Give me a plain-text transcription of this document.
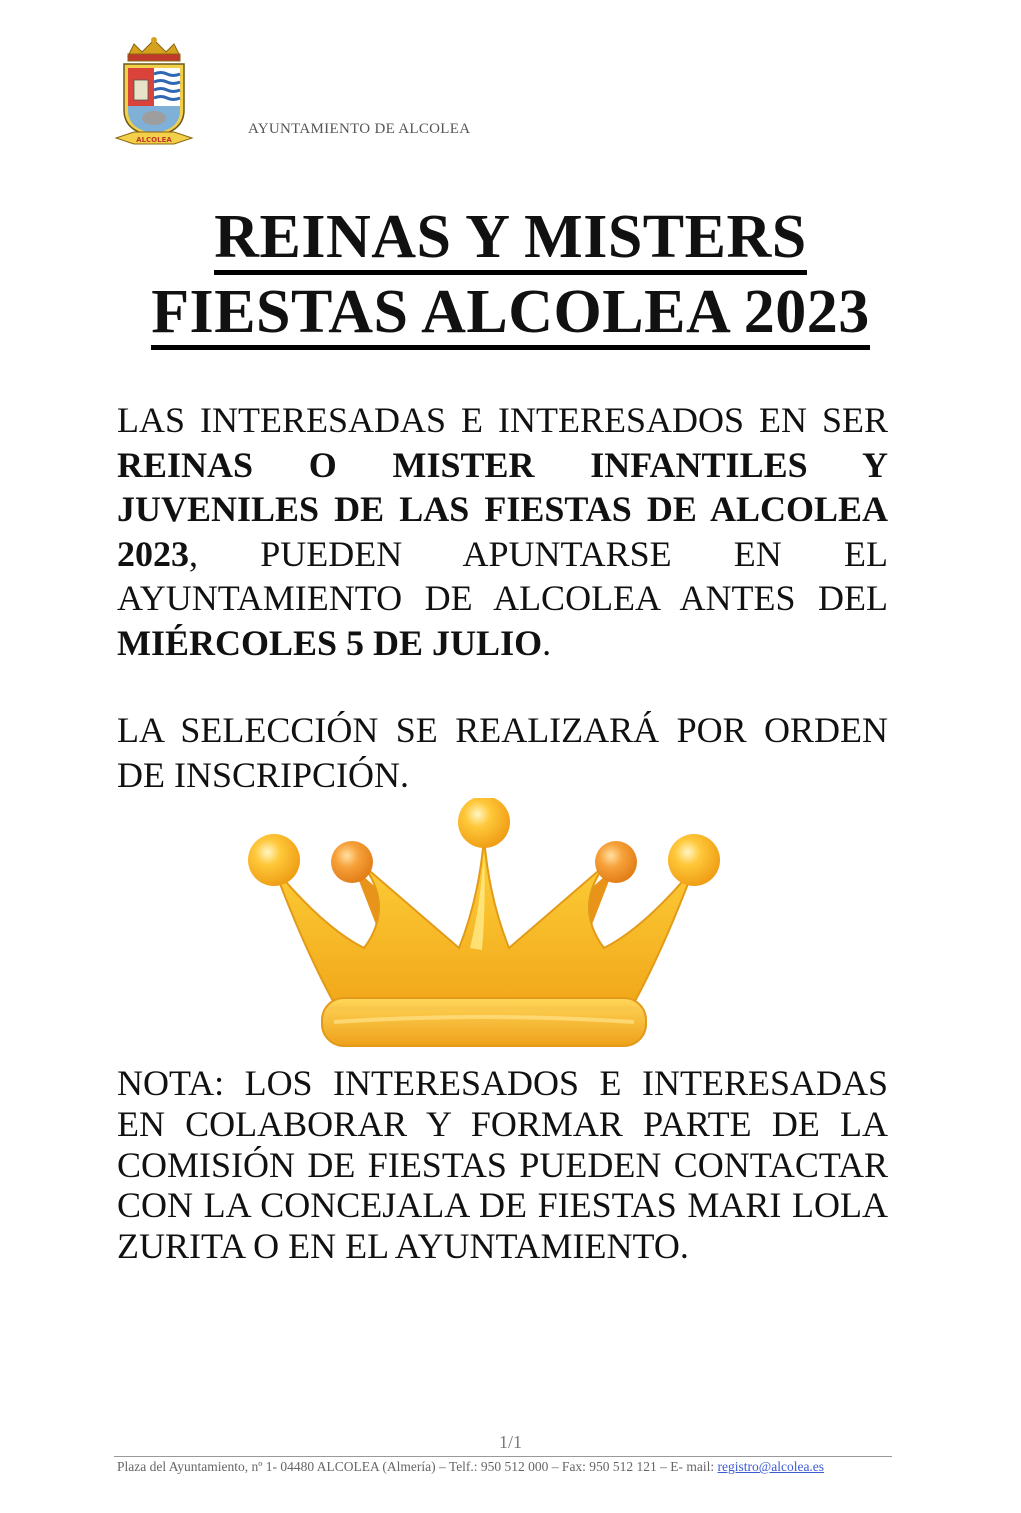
ALCOLEA
AYUNTAMIENTO DE ALCOLEA
REINAS Y MISTERS
FIESTAS ALCOLEA 2023
LAS INTERESADAS E INTERESADOS EN SER REINAS O MISTER INFANTILES Y JUVENILES DE LAS FIESTAS DE ALCOLEA 2023, PUEDEN APUNTARSE EN EL AYUNTAMIENTO DE ALCOLEA ANTES DEL MIÉRCOLES 5 DE JULIO.
LA SELECCIÓN SE REALIZARÁ POR ORDEN DE INSCRIPCIÓN.
NOTA: LOS INTERESADOS E INTERESADAS EN COLABORAR Y FORMAR PARTE DE LA COMISIÓN DE FIESTAS PUEDEN CONTACTAR CON LA CONCEJALA DE FIESTAS MARI LOLA ZURITA O EN EL AYUNTAMIENTO.
1/1
Plaza del Ayuntamiento, nº 1- 04480 ALCOLEA (Almería) – Telf.: 950 512 000 – Fax: 950 512 121 – E- mail: registro@alcolea.es
